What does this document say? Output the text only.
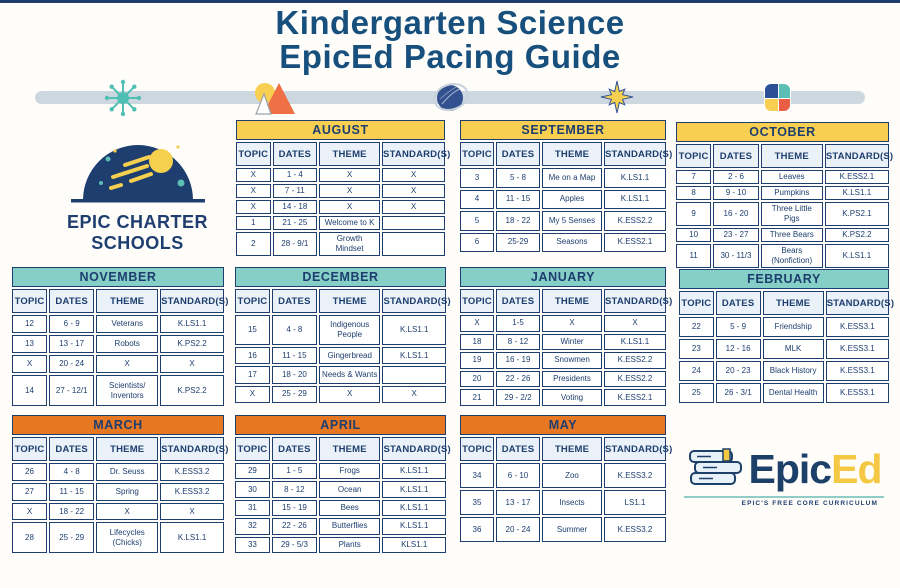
Kindergarten Science
EpicEd Pacing Guide
EPIC CHARTER
SCHOOLS
AUGUST			
TOPIC	DATES	THEME	STANDARD(S)
X	1 - 4	X	X
X	7 - 11	X	X
X	14 - 18	X	X
1	21 - 25	Welcome to K	
2	28 - 9/1	Growth Mindset	
SEPTEMBER			
TOPIC	DATES	THEME	STANDARD(S)
3	5 - 8	Me on a Map	K.LS1.1
4	11 - 15	Apples	K.LS1.1
5	18 - 22	My 5 Senses	K.ESS2.2
6	25-29	Seasons	K.ESS2.1
OCTOBER			
TOPIC	DATES	THEME	STANDARD(S)
7	2 - 6	Leaves	K.ESS2.1
8	9 - 10	Pumpkins	K.LS1.1
9	16 - 20	Three Little Pigs	K.PS2.1
10	23 - 27	Three Bears	K.PS2.2
11	30 - 11/3	Bears (Nonfiction)	K.LS1.1
NOVEMBER			
TOPIC	DATES	THEME	STANDARD(S)
12	6 - 9	Veterans	K.LS1.1
13	13 - 17	Robots	K.PS2.2
X	20 - 24	X	X
14	27 - 12/1	Scientists/ Inventors	K.PS2.2
DECEMBER			
TOPIC	DATES	THEME	STANDARD(S)
15	4 - 8	Indigenous People	K.LS1.1
16	11 - 15	Gingerbread	K.LS1.1
17	18 - 20	Needs & Wants	
X	25 - 29	X	X
JANUARY			
TOPIC	DATES	THEME	STANDARD(S)
X	1-5	X	X
18	8 - 12	Winter	K.LS1.1
19	16 - 19	Snowmen	K.ESS2.2
20	22 - 26	Presidents	K.ESS2.2
21	29 - 2/2	Voting	K.ESS2.1
FEBRUARY			
TOPIC	DATES	THEME	STANDARD(S)
22	5 - 9	Friendship	K.ESS3.1
23	12 - 16	MLK	K.ESS3.1
24	20 - 23	Black History	K.ESS3.1
25	26 - 3/1	Dental Health	K.ESS3.1
MARCH			
TOPIC	DATES	THEME	STANDARD(S)
26	4 - 8	Dr. Seuss	K.ESS3.2
27	11 - 15	Spring	K.ESS3.2
X	18 - 22	X	X
28	25 - 29	Lifecycles (Chicks)	K.LS1.1
APRIL			
TOPIC	DATES	THEME	STANDARD(S)
29	1 - 5	Frogs	K.LS1.1
30	8 - 12	Ocean	K.LS1.1
31	15 - 19	Bees	K.LS1.1
32	22 - 26	Butterflies	K.LS1.1
33	29 - 5/3	Plants	KLS1.1
MAY			
TOPIC	DATES	THEME	STANDARD(S)
34	6 - 10	Zoo	K.ESS3.2
35	13 - 17	Insects	LS1.1
36	20 - 24	Summer	K.ESS3.2
EpicEd
EPIC'S FREE CORE CURRICULUM
